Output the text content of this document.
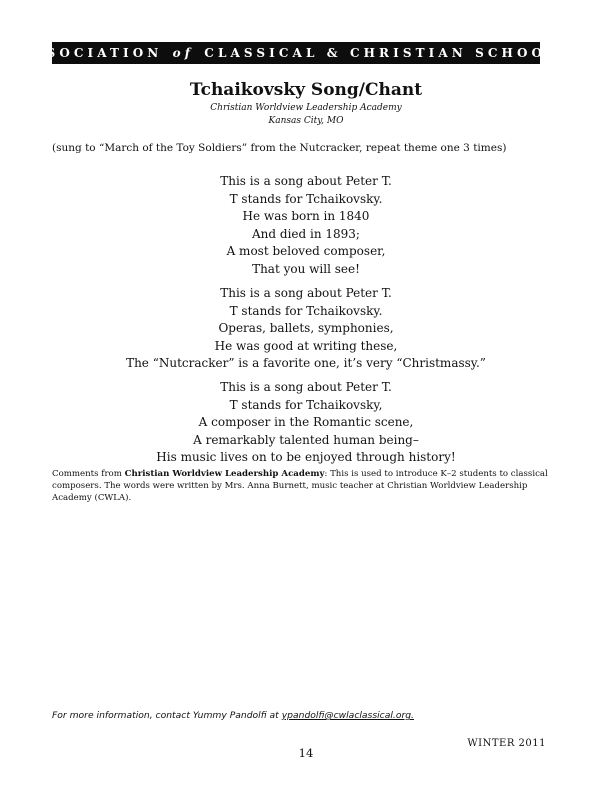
ASSOCIATION
of
CLASSICAL & CHRISTIAN SCHOOLS
Tchaikovsky Song/Chant
Christian Worldview Leadership Academy
Kansas City, MO
(sung to “March of the Toy Soldiers” from the Nutcracker, repeat theme one 3 times)
This is a song about Peter T.
T stands for Tchaikovsky.
He was born in 1840
And died in 1893;
A most beloved composer,
That you will see!
This is a song about Peter T.
T stands for Tchaikovsky.
Operas, ballets, symphonies,
He was good at writing these,
The “Nutcracker” is a favorite one, it’s very “Christmassy.”
This is a song about Peter T.
T stands for Tchaikovsky,
A composer in the Romantic scene,
A remarkably talented human being–
His music lives on to be enjoyed through history!
Comments from Christian Worldview Leadership Academy: This is used to introduce K–2 students to classical composers. The words were written by Mrs. Anna Burnett, music teacher at Christian Worldview Leadership Academy (CWLA).
For more information, contact Yummy Pandolfi at ypandolfi@cwlaclassical.org.
14
WINTER 2011
